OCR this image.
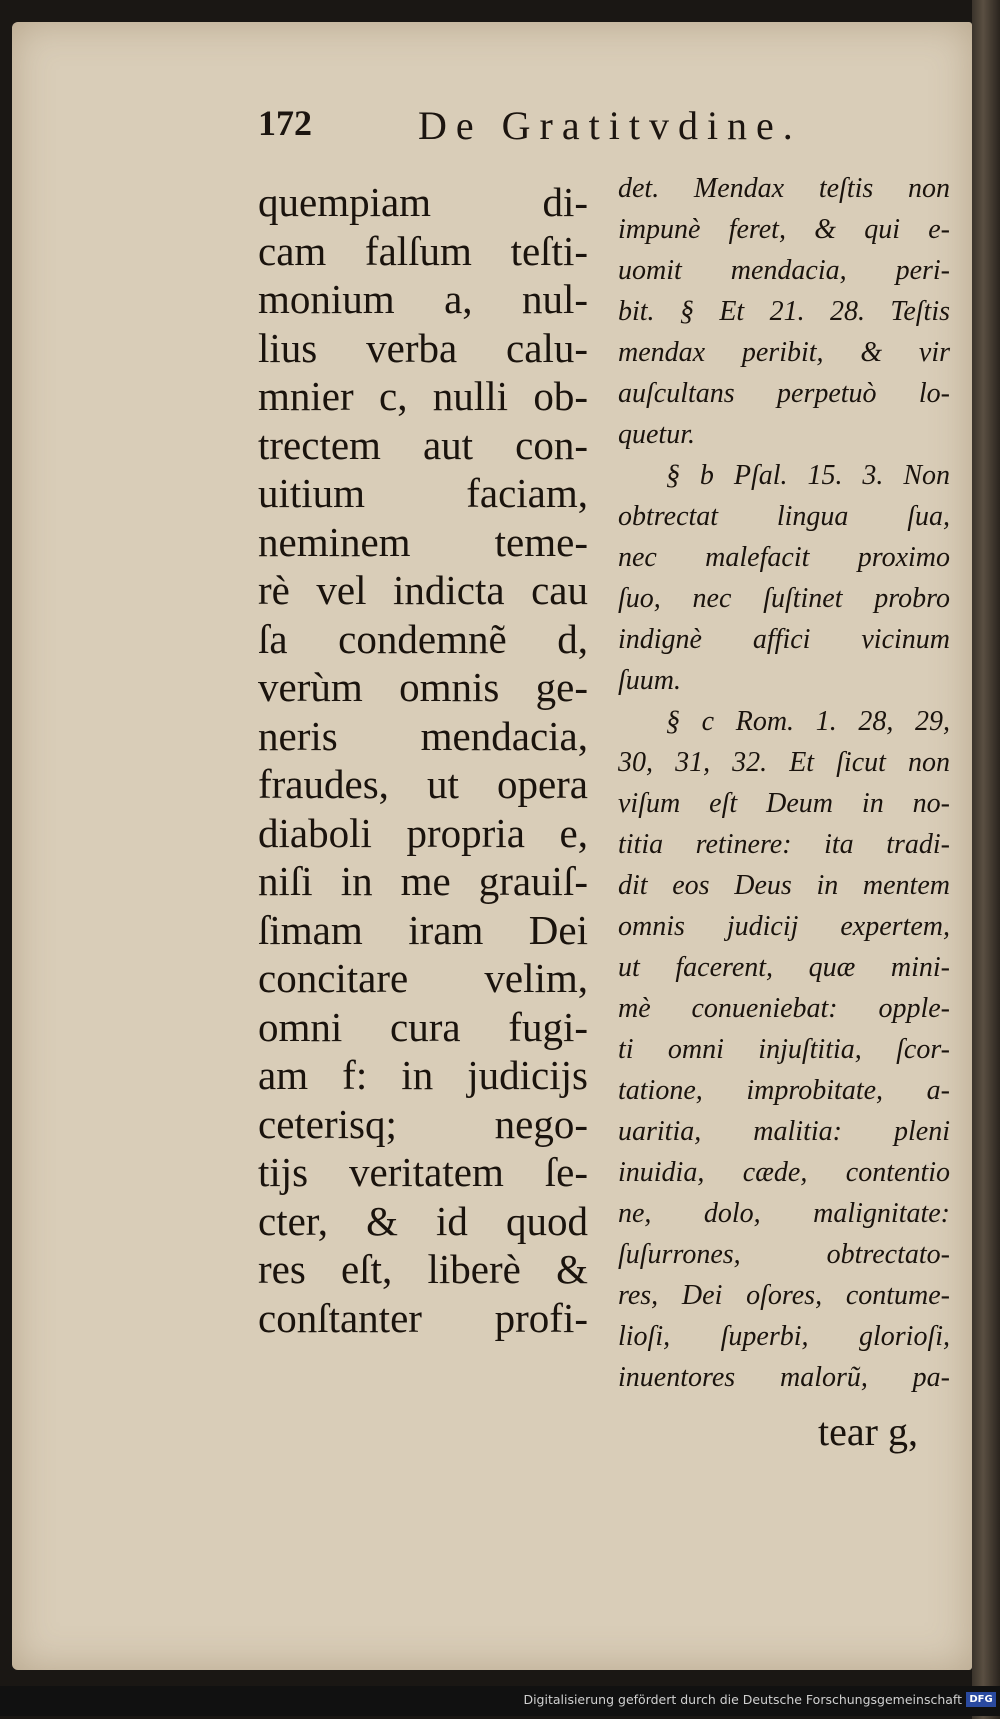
172	De Gratitvdine.
quempiam di-
cam falſum teſti-
monium a, nul-
lius verba calu-
mnier c, nulli ob-
trectem aut con-
uitium faciam,
neminem teme-
rè vel indicta cau
ſa condemnẽ d,
verùm omnis ge-
neris mendacia,
fraudes, ut opera
diaboli propria e,
niſi in me grauiſ-
ſimam iram Dei
concitare velim,
omni cura fugi-
am f: in judicijs
ceterisq; nego-
tijs veritatem ſe-
cter, & id quod
res eſt, liberè &
conſtanter profi-
det. Mendax teſtis non
impunè feret, & qui e-
uomit mendacia, peri-
bit. § Et 21. 28. Teſtis
mendax peribit, & vir
auſcultans perpetuò lo-
quetur.
§ b Pſal. 15. 3. Non
obtrectat lingua ſua,
nec malefacit proximo
ſuo, nec ſuſtinet probro
indignè affici vicinum
ſuum.
§ c Rom. 1. 28, 29,
30, 31, 32. Et ſicut non
viſum eſt Deum in no-
titia retinere: ita tradi-
dit eos Deus in mentem
omnis judicij expertem,
ut facerent, quæ mini-
mè conueniebat: opple-
ti omni injuſtitia, ſcor-
tatione, improbitate, a-
uaritia, malitia: pleni
inuidia, cæde, contentio
ne, dolo, malignitate:
ſuſurrones, obtrectato-
res, Dei oſores, contume-
lioſi, ſuperbi, glorioſi,
inuentores malorũ, pa-
tear g,
Digitalisierung gefördert durch die Deutsche Forschungsgemeinschaft DFG
